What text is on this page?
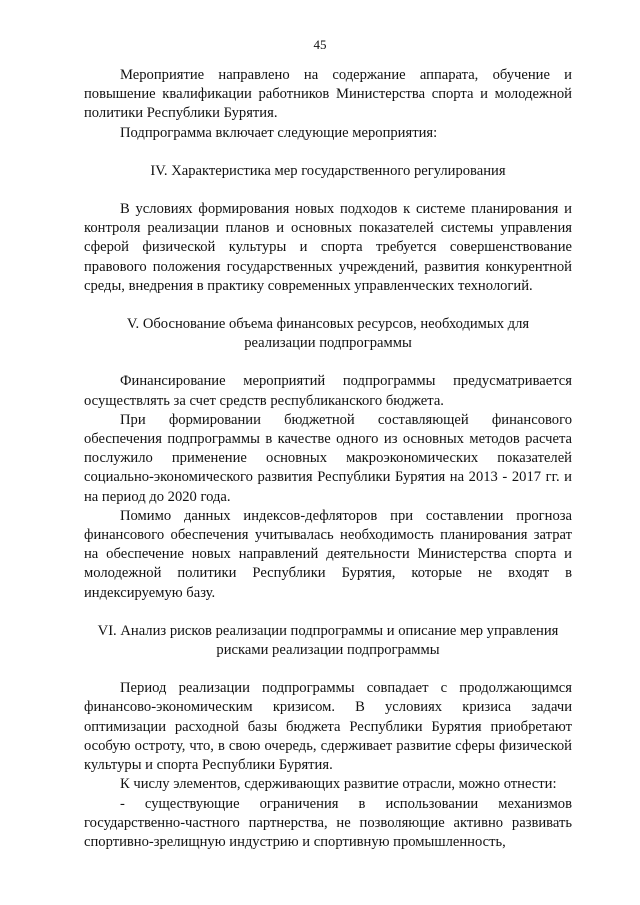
45

Мероприятие направлено на содержание аппарата, обучение и повышение квалификации работников Министерства спорта и молодежной политики Республики Бурятия.

Подпрограмма включает следующие мероприятия:

IV. Характеристика мер государственного регулирования

В условиях формирования новых подходов к системе планирования и контроля реализации планов и основных показателей системы управления сферой физической культуры и спорта требуется совершенствование правового положения государственных учреждений, развития конкурентной среды, внедрения в практику современных управленческих технологий.

V. Обоснование объема финансовых ресурсов, необходимых для
реализации подпрограммы

Финансирование мероприятий подпрограммы предусматривается осуществлять за счет средств республиканского бюджета.

При формировании бюджетной составляющей финансового обеспечения подпрограммы в качестве одного из основных методов расчета послужило применение основных макроэкономических показателей социально-экономического развития Республики Бурятия на 2013 - 2017 гг. и на период до 2020 года.

Помимо данных индексов-дефляторов при составлении прогноза финансового обеспечения учитывалась необходимость планирования затрат на обеспечение новых направлений деятельности Министерства спорта и молодежной политики Республики Бурятия, которые не входят в индексируемую базу.

VI. Анализ рисков реализации подпрограммы и описание мер управления
рисками реализации подпрограммы

Период реализации подпрограммы совпадает с продолжающимся финансово-экономическим кризисом. В условиях кризиса задачи оптимизации расходной базы бюджета Республики Бурятия приобретают особую остроту, что, в свою очередь, сдерживает развитие сферы физической культуры и спорта Республики Бурятия.

К числу элементов, сдерживающих развитие отрасли, можно отнести:

- существующие ограничения в использовании механизмов государственно-частного партнерства, не позволяющие активно развивать спортивно-зрелищную индустрию и спортивную промышленность,
